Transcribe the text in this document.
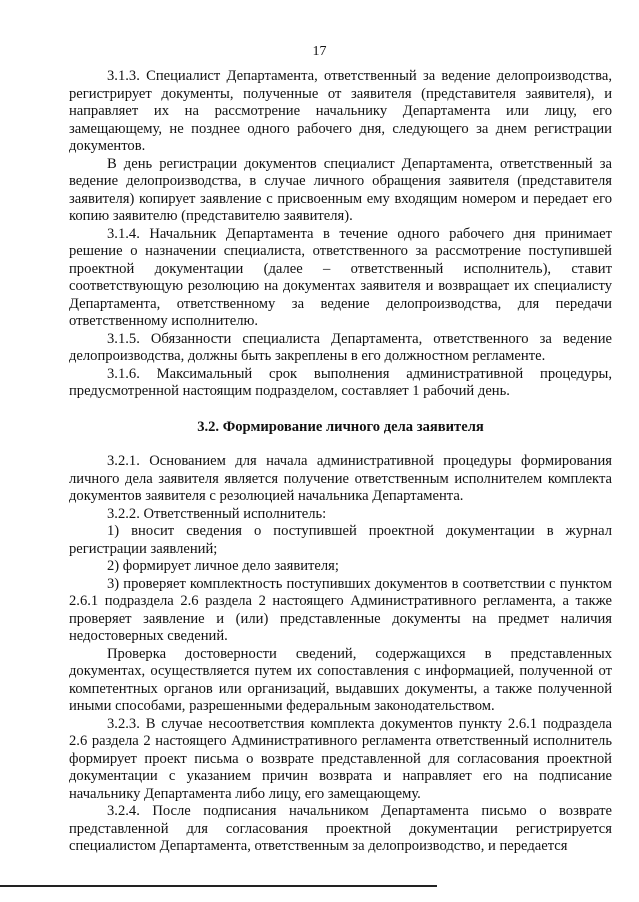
17

3.1.3. Специалист Департамента, ответственный за ведение делопроизводства, регистрирует документы, полученные от заявителя (представителя заявителя), и направляет их на рассмотрение начальнику Департамента или лицу, его замещающему, не позднее одного рабочего дня, следующего за днем регистрации документов.

В день регистрации документов специалист Департамента, ответственный за ведение делопроизводства, в случае личного обращения заявителя (представителя заявителя) копирует заявление с присвоенным ему входящим номером и передает его копию заявителю (представителю заявителя).

3.1.4. Начальник Департамента в течение одного рабочего дня принимает решение о назначении специалиста, ответственного за рассмотрение поступившей проектной документации (далее – ответственный исполнитель), ставит соответствующую резолюцию на документах заявителя и возвращает их специалисту Департамента, ответственному за ведение делопроизводства, для передачи ответственному исполнителю.

3.1.5. Обязанности специалиста Департамента, ответственного за ведение делопроизводства, должны быть закреплены в его должностном регламенте.

3.1.6. Максимальный срок выполнения административной процедуры, предусмотренной настоящим подразделом, составляет 1 рабочий день.

3.2. Формирование личного дела заявителя

3.2.1. Основанием для начала административной процедуры формирования личного дела заявителя является получение ответственным исполнителем комплекта документов заявителя с резолюцией начальника Департамента.

3.2.2. Ответственный исполнитель:

1) вносит сведения о поступившей проектной документации в журнал регистрации заявлений;

2) формирует личное дело заявителя;

3) проверяет комплектность поступивших документов в соответствии с пунктом 2.6.1 подраздела 2.6 раздела 2 настоящего Административного регламента, а также проверяет заявление и (или) представленные документы на предмет наличия недостоверных сведений.

Проверка достоверности сведений, содержащихся в представленных документах, осуществляется путем их сопоставления с информацией, полученной от компетентных органов или организаций, выдавших документы, а также полученной иными способами, разрешенными федеральным законодательством.

3.2.3. В случае несоответствия комплекта документов пункту 2.6.1 подраздела 2.6 раздела 2 настоящего Административного регламента ответственный исполнитель формирует проект письма о возврате представленной для согласования проектной документации с указанием причин возврата и направляет его на подписание начальнику Департамента либо лицу, его замещающему.

3.2.4. После подписания начальником Департамента письмо о возврате представленной для согласования проектной документации регистрируется специалистом Департамента, ответственным за делопроизводство, и передается
